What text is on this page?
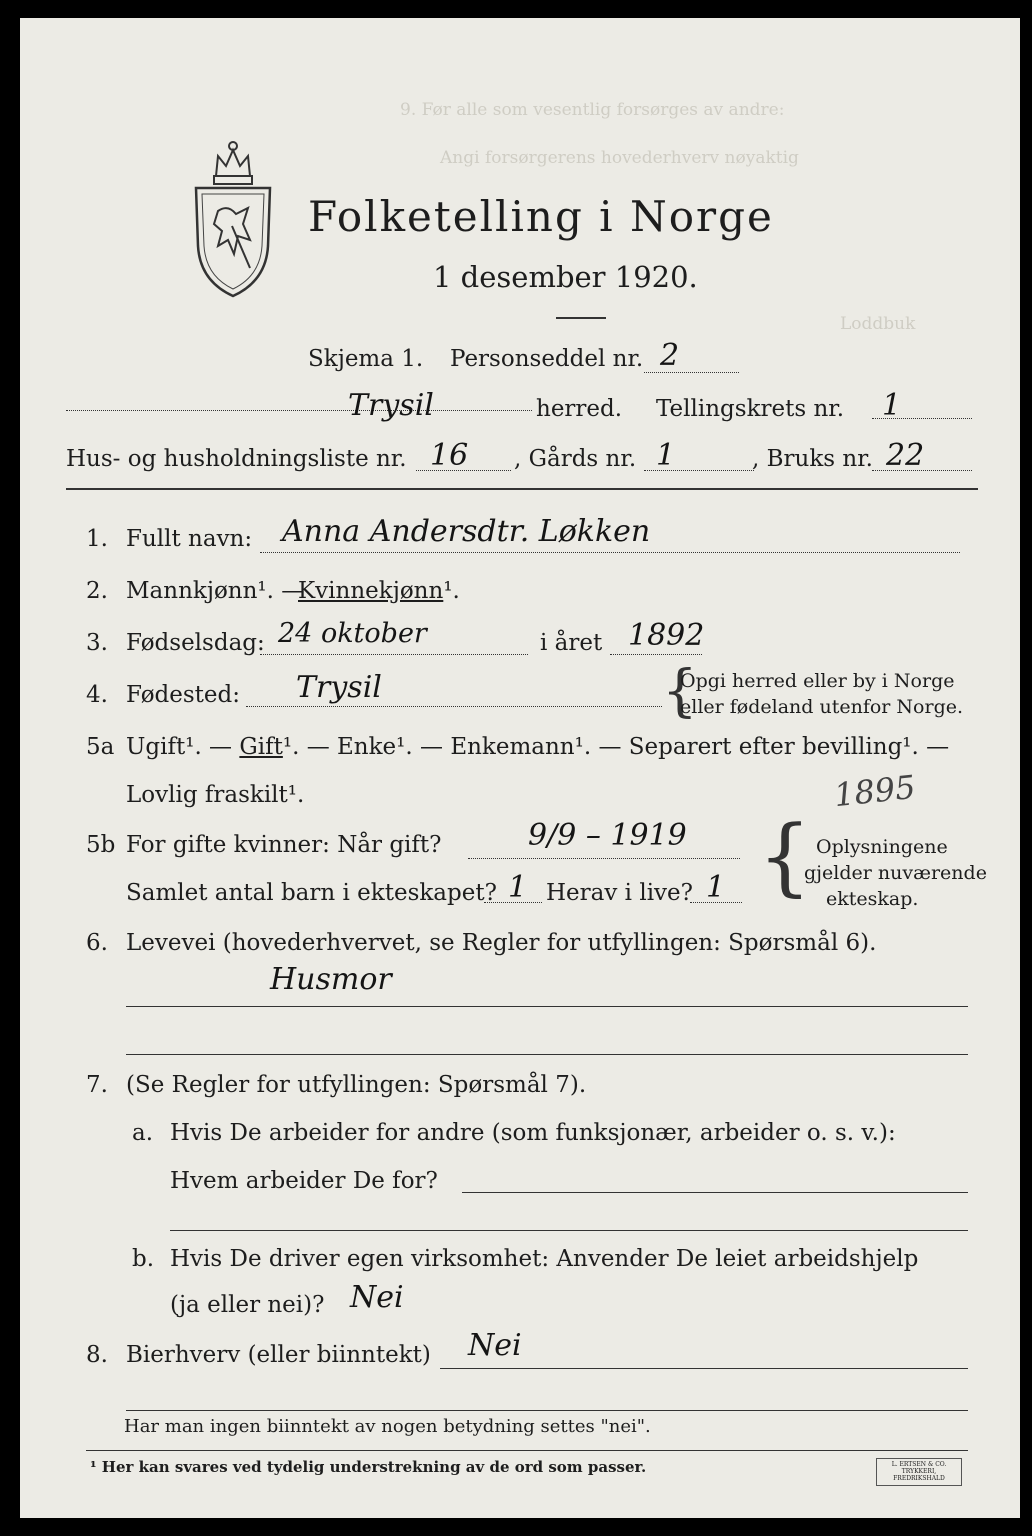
9. Før alle som vesentlig forsørges av andre:
Angi forsørgerens hovederhverv nøyaktig
Loddbuk
Folketelling i Norge
1 desember 1920.
Skjema 1. Personseddel nr. 2
Trysil	herred. Tellingskrets nr. 1
Hus- og husholdningsliste nr. 16 , Gårds nr. 1	, Bruks nr. 22
1. Fullt navn: Anna Andersdtr. Løkken
2. Mannkjønn¹. —
Kvinnekjønn¹.
3. Fødselsdag: 24 oktober	i året 1892
4. Fødested: Trysil	{
Opgi herred eller by i Norge
eller fødeland utenfor Norge.
5a Ugift¹. — Gift¹. — Enke¹. — Enkemann¹. — Separert efter bevilling¹. —
Lovlig fraskilt¹.	1895
5b For gifte kvinner: Når gift?	9/9 – 1919
Samlet antal barn i ekteskapet? 1 Herav i live? 1 { Oplysningene
gjelder nuværende
ekteskap.
6. Levevei (hovederhvervet, se Regler for utfyllingen: Spørsmål 6).
Husmor
7. (Se Regler for utfyllingen: Spørsmål 7).
a. Hvis De arbeider for andre (som funksjonær, arbeider o. s. v.):
Hvem arbeider De for?
b. Hvis De driver egen virksomhet: Anvender De leiet arbeidshjelp
(ja eller nei)? Nei
8. Bierhverv (eller biinntekt) Nei
Har man ingen biinntekt av nogen betydning settes "nei".
¹ Her kan svares ved tydelig understrekning av de ord som passer.	L. ERTSEN & CO. TRYKKERI, FREDRIKSHALD
